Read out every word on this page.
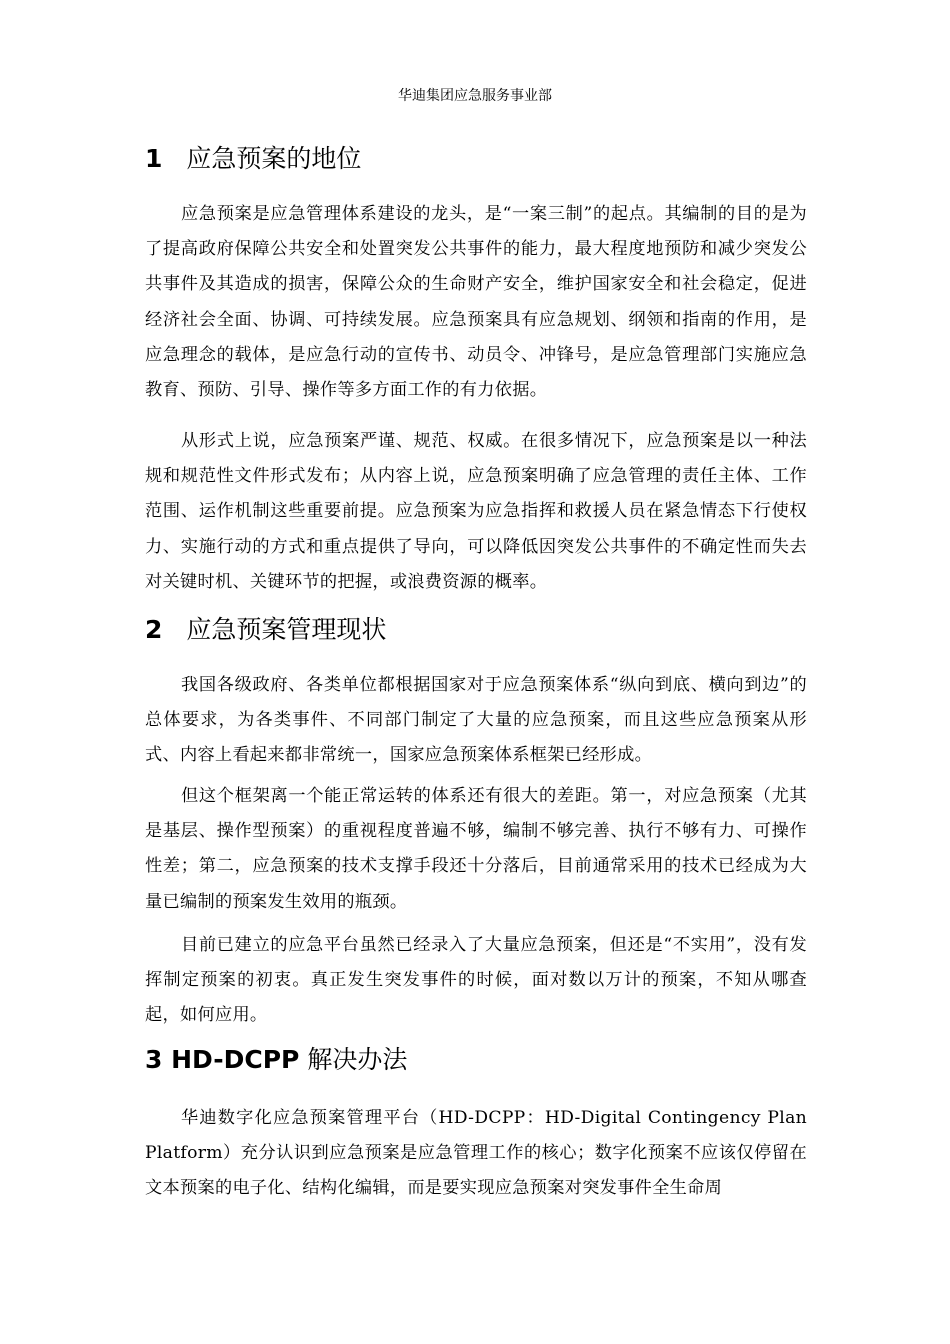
华迪集团应急服务事业部
1 应急预案的地位

应急预案是应急管理体系建设的龙头，是“一案三制”的起点。其编制的目的是为了提高政府保障公共安全和处置突发公共事件的能力，最大程度地预防和减少突发公共事件及其造成的损害，保障公众的生命财产安全，维护国家安全和社会稳定，促进经济社会全面、协调、可持续发展。应急预案具有应急规划、纲领和指南的作用，是应急理念的载体，是应急行动的宣传书、动员令、冲锋号，是应急管理部门实施应急教育、预防、引导、操作等多方面工作的有力依据。

从形式上说，应急预案严谨、规范、权威。在很多情况下，应急预案是以一种法规和规范性文件形式发布；从内容上说，应急预案明确了应急管理的责任主体、工作范围、运作机制这些重要前提。应急预案为应急指挥和救援人员在紧急情态下行使权力、实施行动的方式和重点提供了导向，可以降低因突发公共事件的不确定性而失去对关键时机、关键环节的把握，或浪费资源的概率。

2 应急预案管理现状

我国各级政府、各类单位都根据国家对于应急预案体系“纵向到底、横向到边”的总体要求，为各类事件、不同部门制定了大量的应急预案，而且这些应急预案从形式、内容上看起来都非常统一，国家应急预案体系框架已经形成。

但这个框架离一个能正常运转的体系还有很大的差距。第一，对应急预案（尤其是基层、操作型预案）的重视程度普遍不够，编制不够完善、执行不够有力、可操作性差；第二，应急预案的技术支撑手段还十分落后，目前通常采用的技术已经成为大量已编制的预案发生效用的瓶颈。

目前已建立的应急平台虽然已经录入了大量应急预案，但还是“不实用”，没有发挥制定预案的初衷。真正发生突发事件的时候，面对数以万计的预案，不知从哪查起，如何应用。

3 HD-DCPP 解决办法

华迪数字化应急预案管理平台（HD-DCPP：HD-Digital Contingency Plan Platform）充分认识到应急预案是应急管理工作的核心；数字化预案不应该仅停留在文本预案的电子化、结构化编辑，而是要实现应急预案对突发事件全生命周
